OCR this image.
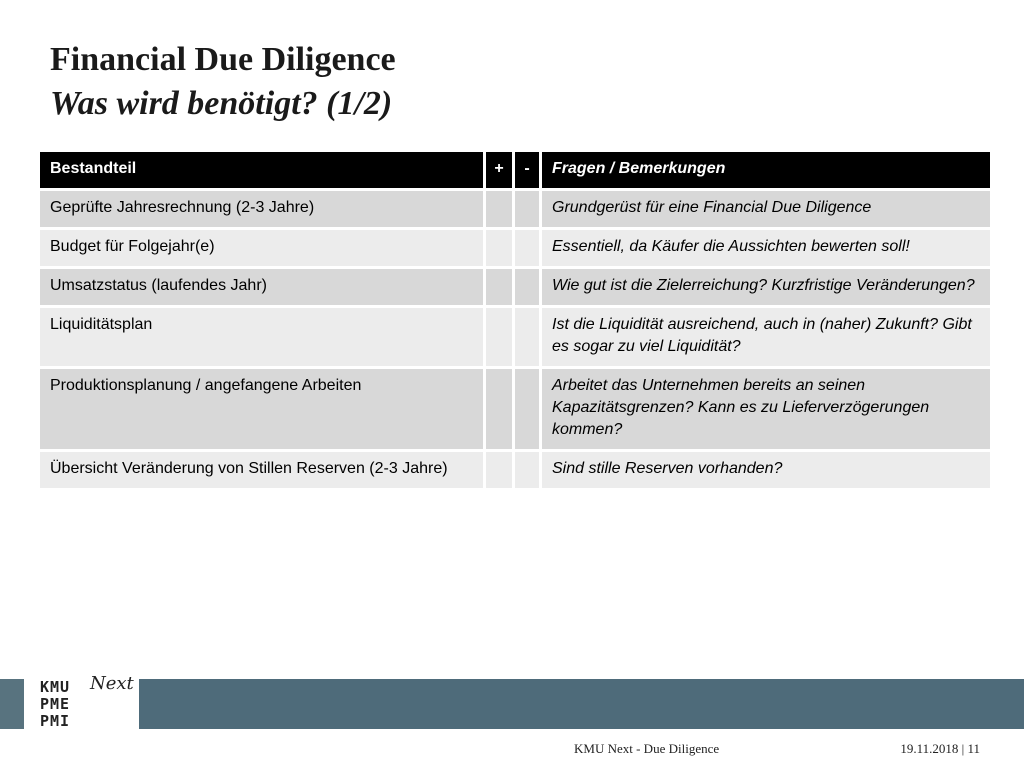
Financial Due Diligence
Was wird benötigt? (1/2)
Bestandteil	+	-	Fragen / Bemerkungen
Geprüfte Jahresrechnung (2-3 Jahre)			Grundgerüst für eine Financial Due Diligence
Budget für Folgejahr(e)			Essentiell, da Käufer die Aussichten bewerten soll!
Umsatzstatus (laufendes Jahr)			Wie gut ist die Zielerreichung? Kurzfristige Veränderungen?
Liquiditätsplan			Ist die Liquidität ausreichend, auch in (naher) Zukunft? Gibt es sogar zu viel Liquidität?
Produktionsplanung / angefangene Arbeiten			Arbeitet das Unternehmen bereits an seinen Kapazitätsgrenzen? Kann es zu Lieferverzögerungen kommen?
Übersicht Veränderung von Stillen Reserven (2-3 Jahre)			Sind stille Reserven vorhanden?
KMU
PME
PMI
Next
KMU Next - Due Diligence	19.11.2018 | 11
